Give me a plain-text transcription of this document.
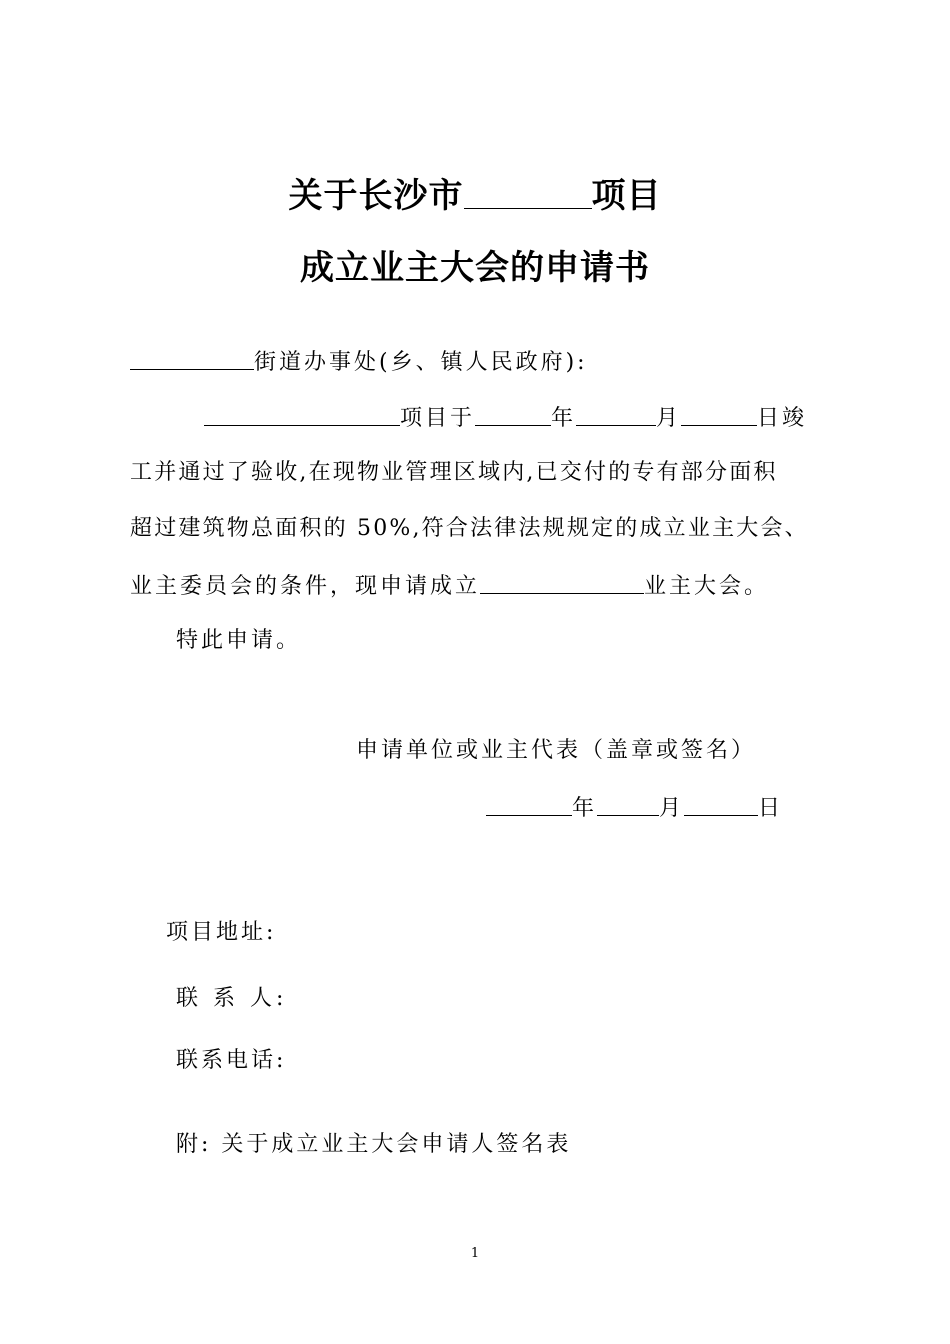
关于长沙市	项目
成立业主大会的申请书
街道办事处(乡、镇人民政府):
项目于	年	月	日竣
工并通过了验收,在现物业管理区域内,已交付的专有部分面积
超过建筑物总面积的 50%,符合法律法规规定的成立业主大会、
业主委员会的条件，现申请成立	业主大会。
特此申请。
申请单位或业主代表（盖章或签名）
年	月	日
项目地址:
联 系 人:
联系电话:
附: 关于成立业主大会申请人签名表
1
